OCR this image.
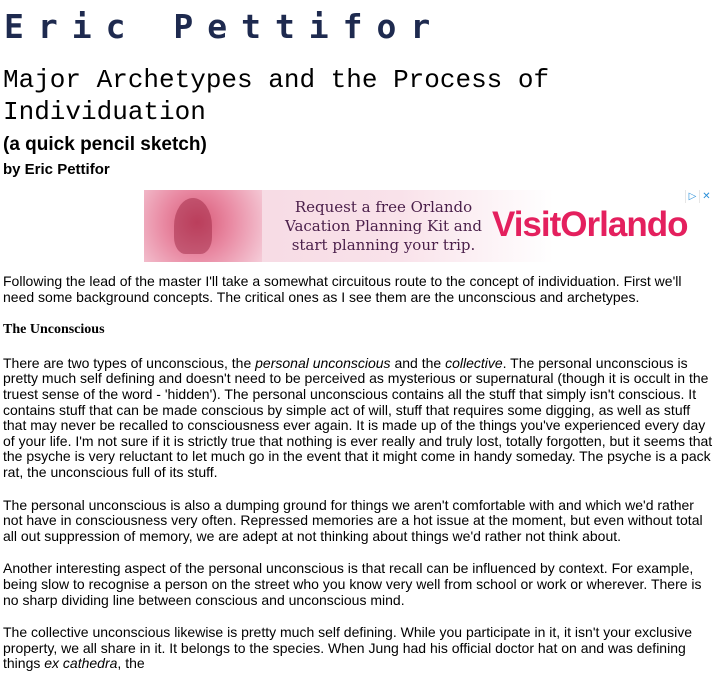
Eric Pettifor
Major Archetypes and the Process of Individuation
(a quick pencil sketch)
by Eric Pettifor

Request a free Orlando Vacation Planning Kit and start planning your trip.

VisitOrlando

▷ ✕

Following the lead of the master I'll take a somewhat circuitous route to the concept of individuation. First we'll need some background concepts. The critical ones as I see them are the unconscious and archetypes.

The Unconscious

There are two types of unconscious, the personal unconscious and the collective. The personal unconscious is pretty much self defining and doesn't need to be perceived as mysterious or supernatural (though it is occult in the truest sense of the word - 'hidden'). The personal unconscious contains all the stuff that simply isn't conscious. It contains stuff that can be made conscious by simple act of will, stuff that requires some digging, as well as stuff that may never be recalled to consciousness ever again. It is made up of the things you've experienced every day of your life. I'm not sure if it is strictly true that nothing is ever really and truly lost, totally forgotten, but it seems that the psyche is very reluctant to let much go in the event that it might come in handy someday. The psyche is a pack rat, the unconscious full of its stuff.

The personal unconscious is also a dumping ground for things we aren't comfortable with and which we'd rather not have in consciousness very often. Repressed memories are a hot issue at the moment, but even without total all out suppression of memory, we are adept at not thinking about things we'd rather not think about.

Another interesting aspect of the personal unconscious is that recall can be influenced by context. For example, being slow to recognise a person on the street who you know very well from school or work or wherever. There is no sharp dividing line between conscious and unconscious mind.

The collective unconscious likewise is pretty much self defining. While you participate in it, it isn't your exclusive property, we all share in it. It belongs to the species. When Jung had his official doctor hat on and was defining things ex cathedra, the
